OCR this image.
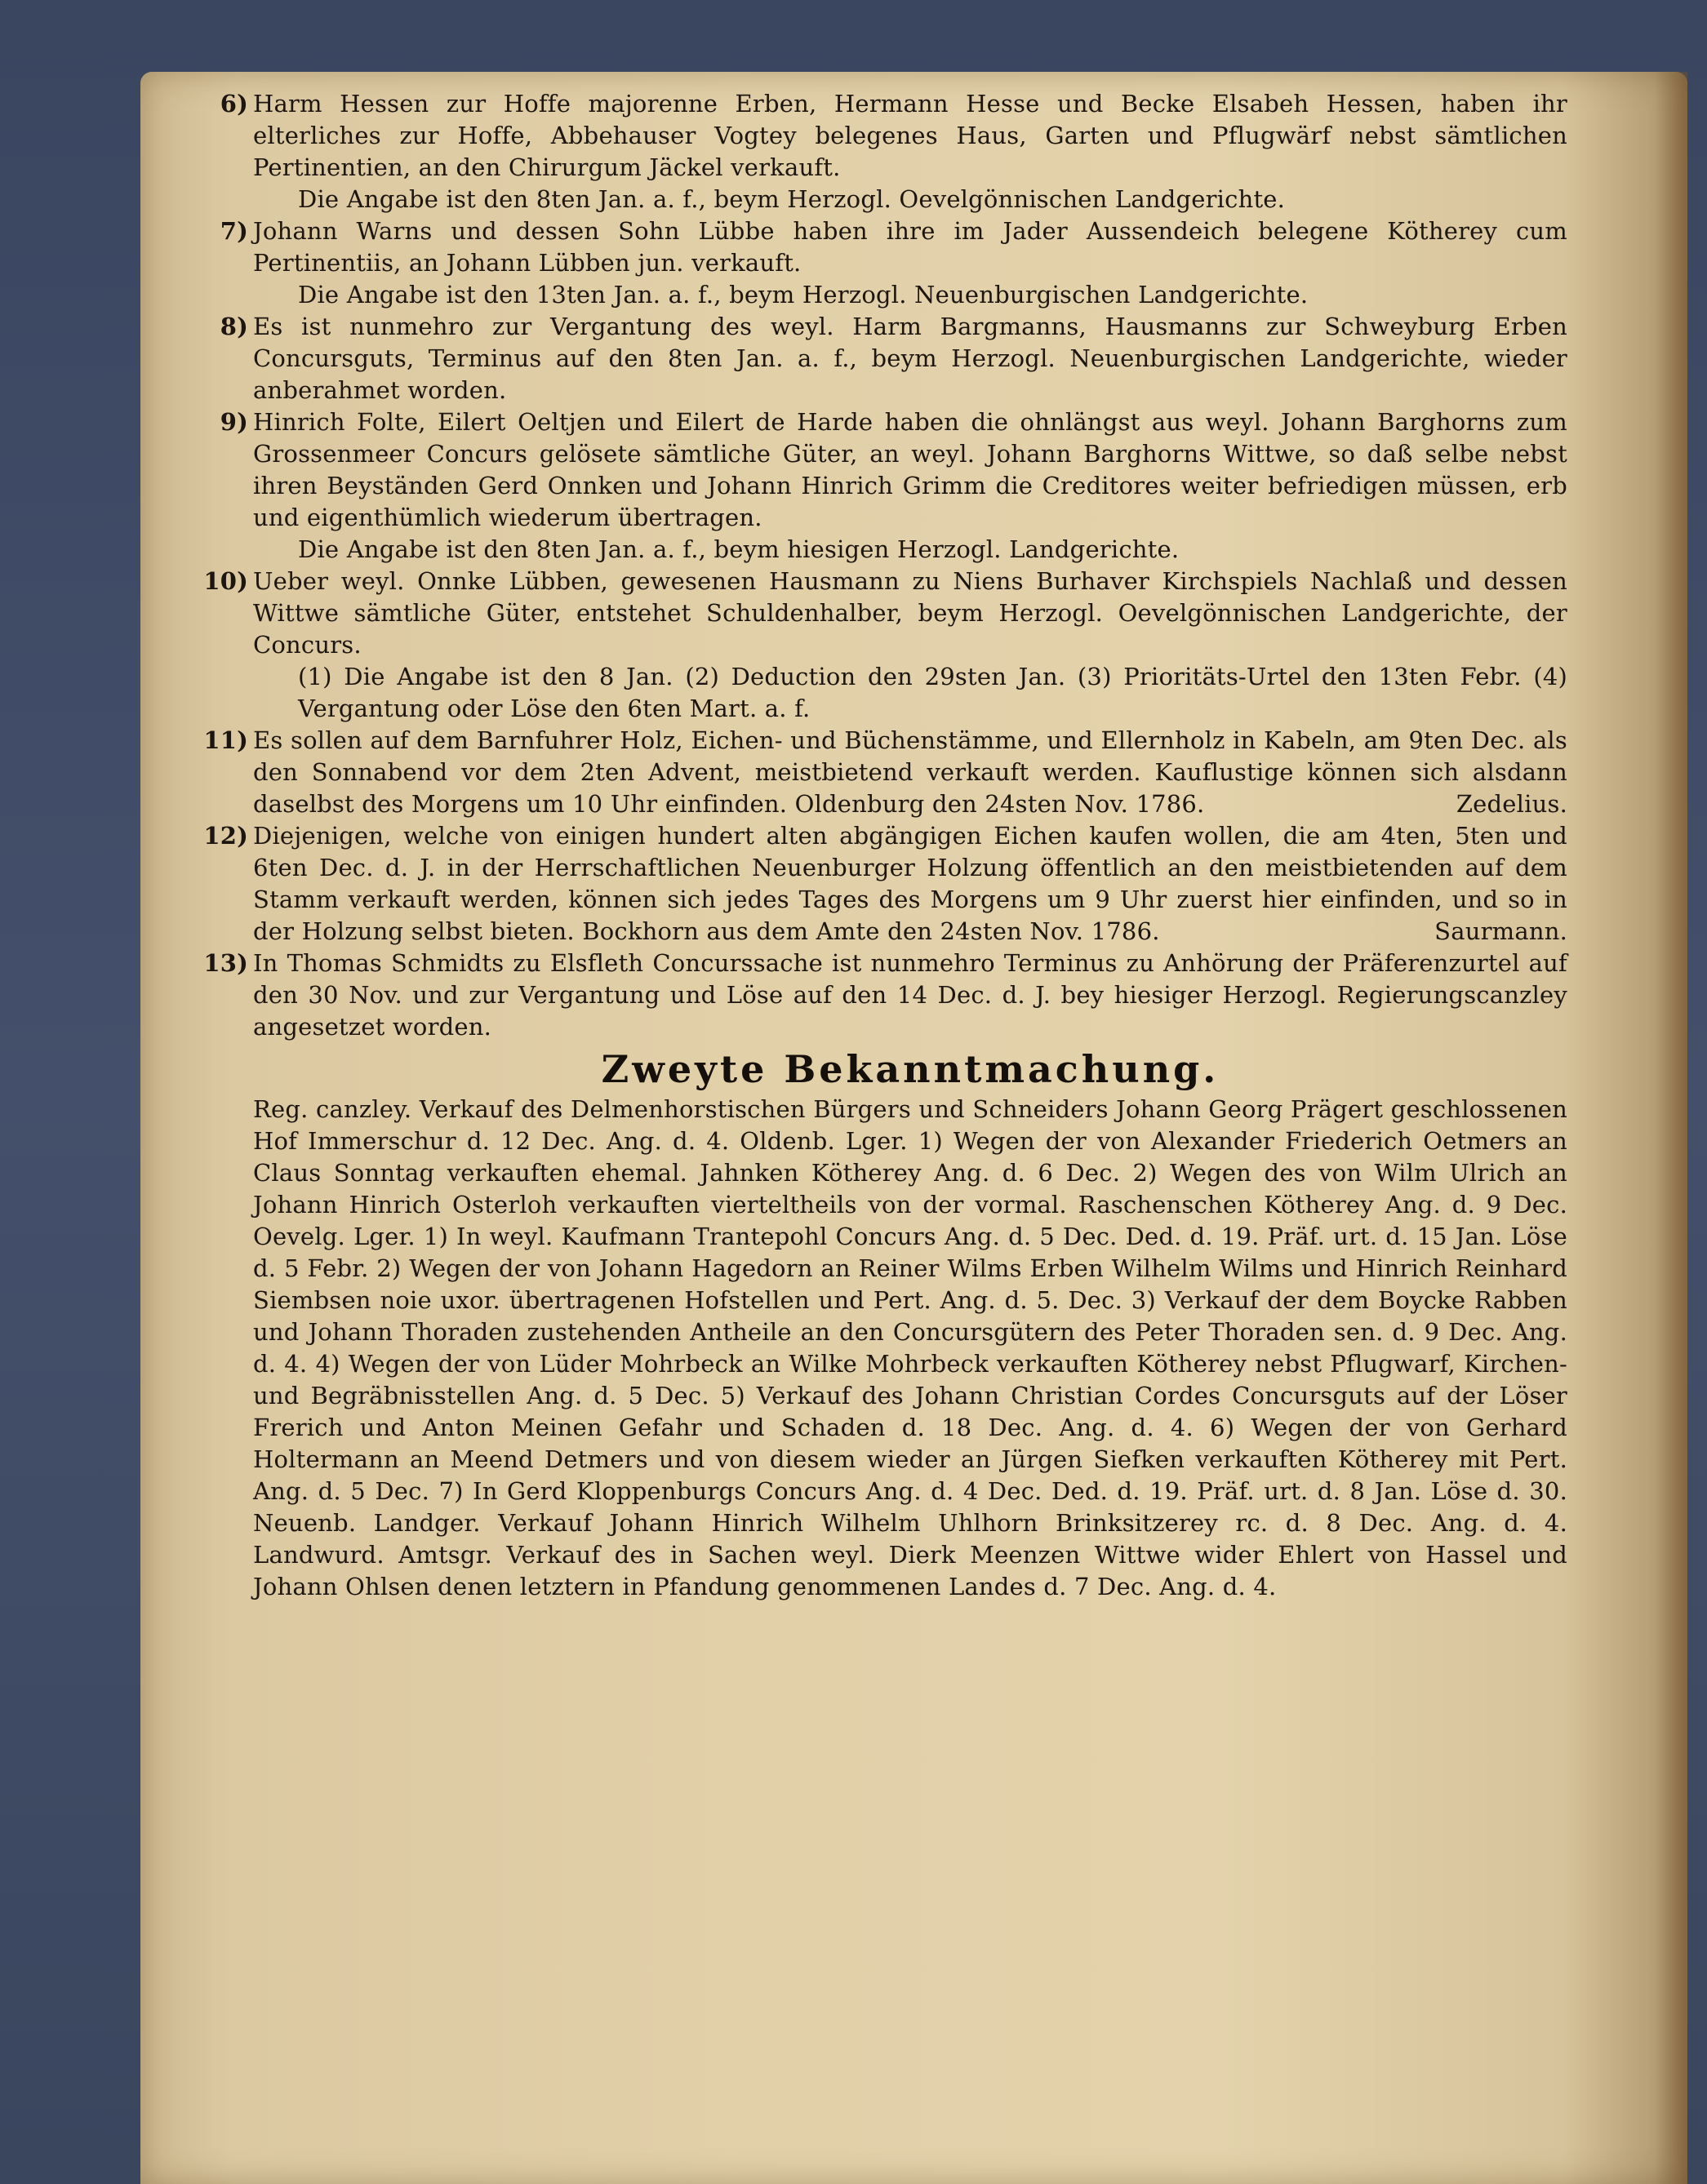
6) Harm Hessen zur Hoffe majorenne Erben, Hermann Hesse und Becke Elsabeh Hessen, haben ihr elterliches zur Hoffe, Abbehauser Vogtey belegenes Haus, Garten und Pflugwärf nebst sämtlichen Pertinentien, an den Chirurgum Jäckel verkauft.

Die Angabe ist den 8ten Jan. a. f., beym Herzogl. Oevelgönnischen Landgerichte.

7) Johann Warns und dessen Sohn Lübbe haben ihre im Jader Aussendeich belegene Kötherey cum Pertinentiis, an Johann Lübben jun. verkauft.

Die Angabe ist den 13ten Jan. a. f., beym Herzogl. Neuenburgischen Landgerichte.

8) Es ist nunmehro zur Vergantung des weyl. Harm Bargmanns, Hausmanns zur Schweyburg Erben Concursguts, Terminus auf den 8ten Jan. a. f., beym Herzogl. Neuenburgischen Landgerichte, wieder anberahmet worden.

9) Hinrich Folte, Eilert Oeltjen und Eilert de Harde haben die ohnlängst aus weyl. Johann Barghorns zum Grossenmeer Concurs gelösete sämtliche Güter, an weyl. Johann Barghorns Wittwe, so daß selbe nebst ihren Beyständen Gerd Onnken und Johann Hinrich Grimm die Creditores weiter befriedigen müssen, erb und eigenthümlich wiederum übertragen.

Die Angabe ist den 8ten Jan. a. f., beym hiesigen Herzogl. Landgerichte.

10) Ueber weyl. Onnke Lübben, gewesenen Hausmann zu Niens Burhaver Kirchspiels Nachlaß und dessen Wittwe sämtliche Güter, entstehet Schuldenhalber, beym Herzogl. Oevelgönnischen Landgerichte, der Concurs.

(1) Die Angabe ist den 8 Jan. (2) Deduction den 29sten Jan. (3) Prioritäts-Urtel den 13ten Febr. (4) Vergantung oder Löse den 6ten Mart. a. f.

11) Es sollen auf dem Barnfuhrer Holz, Eichen- und Büchenstämme, und Ellernholz in Kabeln, am 9ten Dec. als den Sonnabend vor dem 2ten Advent, meistbietend verkauft werden. Kauflustige können sich alsdann daselbst des Morgens um 10 Uhr einfinden. Oldenburg den 24sten Nov. 1786.	Zedelius.

12) Diejenigen, welche von einigen hundert alten abgängigen Eichen kaufen wollen, die am 4ten, 5ten und 6ten Dec. d. J. in der Herrschaftlichen Neuenburger Holzung öffentlich an den meistbietenden auf dem Stamm verkauft werden, können sich jedes Tages des Morgens um 9 Uhr zuerst hier einfinden, und so in der Holzung selbst bieten. Bockhorn aus dem Amte den 24sten Nov. 1786.	Saurmann.

13) In Thomas Schmidts zu Elsfleth Concurssache ist nunmehro Terminus zu Anhörung der Präferenzurtel auf den 30 Nov. und zur Vergantung und Löse auf den 14 Dec. d. J. bey hiesiger Herzogl. Regierungscanzley angesetzet worden.

Zweyte Bekanntmachung.

Reg. canzley. Verkauf des Delmenhorstischen Bürgers und Schneiders Johann Georg Prägert geschlossenen Hof Immerschur d. 12 Dec. Ang. d. 4. Oldenb. Lger. 1) Wegen der von Alexander Friederich Oetmers an Claus Sonntag verkauften ehemal. Jahnken Kötherey Ang. d. 6 Dec. 2) Wegen des von Wilm Ulrich an Johann Hinrich Osterloh verkauften vierteltheils von der vormal. Raschenschen Kötherey Ang. d. 9 Dec. Oevelg. Lger. 1) In weyl. Kaufmann Trantepohl Concurs Ang. d. 5 Dec. Ded. d. 19. Präf. urt. d. 15 Jan. Löse d. 5 Febr. 2) Wegen der von Johann Hagedorn an Reiner Wilms Erben Wilhelm Wilms und Hinrich Reinhard Siembsen noie uxor. übertragenen Hofstellen und Pert. Ang. d. 5. Dec. 3) Verkauf der dem Boycke Rabben und Johann Thoraden zustehenden Antheile an den Concursgütern des Peter Thoraden sen. d. 9 Dec. Ang. d. 4. 4) Wegen der von Lüder Mohrbeck an Wilke Mohrbeck verkauften Kötherey nebst Pflugwarf, Kirchen- und Begräbnisstellen Ang. d. 5 Dec. 5) Verkauf des Johann Christian Cordes Concursguts auf der Löser Frerich und Anton Meinen Gefahr und Schaden d. 18 Dec. Ang. d. 4. 6) Wegen der von Gerhard Holtermann an Meend Detmers und von diesem wieder an Jürgen Siefken verkauften Kötherey mit Pert. Ang. d. 5 Dec. 7) In Gerd Kloppenburgs Concurs Ang. d. 4 Dec. Ded. d. 19. Präf. urt. d. 8 Jan. Löse d. 30. Neuenb. Landger. Verkauf Johann Hinrich Wilhelm Uhlhorn Brinksitzerey rc. d. 8 Dec. Ang. d. 4. Landwurd. Amtsgr. Verkauf des in Sachen weyl. Dierk Meenzen Wittwe wider Ehlert von Hassel und Johann Ohlsen denen letztern in Pfandung genommenen Landes d. 7 Dec. Ang. d. 4.
